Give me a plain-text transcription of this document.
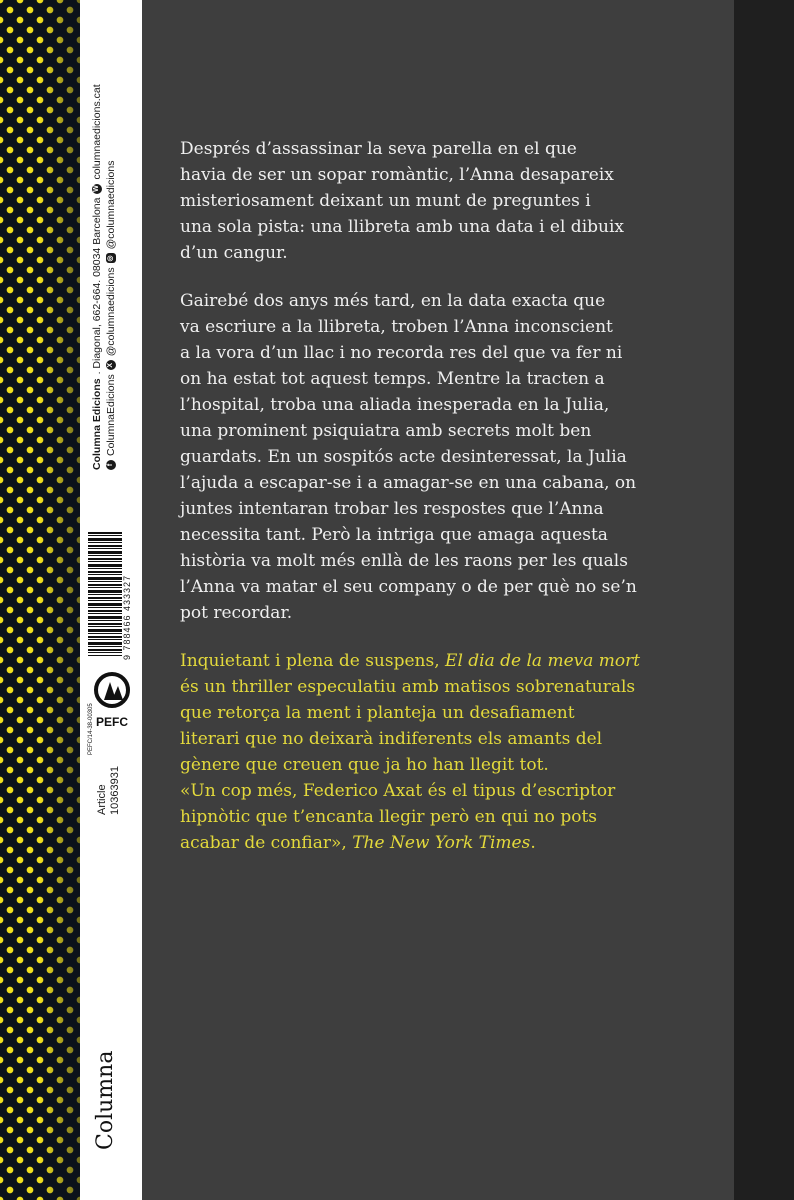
Columna Edicions
. Diagonal, 662-664. 08034 Barcelona
W
columnaedicions.cat
f
ColumnaEdicions
X
@columnaedicions
◎
@columnaedicions
9 788466 433327
PEFC
PEFC/14-38-00305
Article 10363931
Columna

Després d’assassinar la seva parella en el que
havia de ser un sopar romàntic, l’Anna desapareix
misteriosament deixant un munt de preguntes i
una sola pista: una llibreta amb una data i el dibuix
d’un cangur.

Gairebé dos anys més tard, en la data exacta que
va escriure a la llibreta, troben l’Anna inconscient
a la vora d’un llac i no recorda res del que va fer ni
on ha estat tot aquest temps. Mentre la tracten a
l’hospital, troba una aliada inesperada en la Julia,
una prominent psiquiatra amb secrets molt ben
guardats. En un sospitós acte desinteressat, la Julia
l’ajuda a escapar-se i a amagar-se en una cabana, on
juntes intentaran trobar les respostes que l’Anna
necessita tant. Però la intriga que amaga aquesta
història va molt més enllà de les raons per les quals
l’Anna va matar el seu company o de per què no se’n
pot recordar.

Inquietant i plena de suspens, El dia de la meva mort
és un thriller especulatiu amb matisos sobrenaturals
que retorça la ment i planteja un desafiament
literari que no deixarà indiferents els amants del
gènere que creuen que ja ho han llegit tot.
«Un cop més, Federico Axat és el tipus d’escriptor
hipnòtic que t’encanta llegir però en qui no pots
acabar de confiar», The New York Times.
